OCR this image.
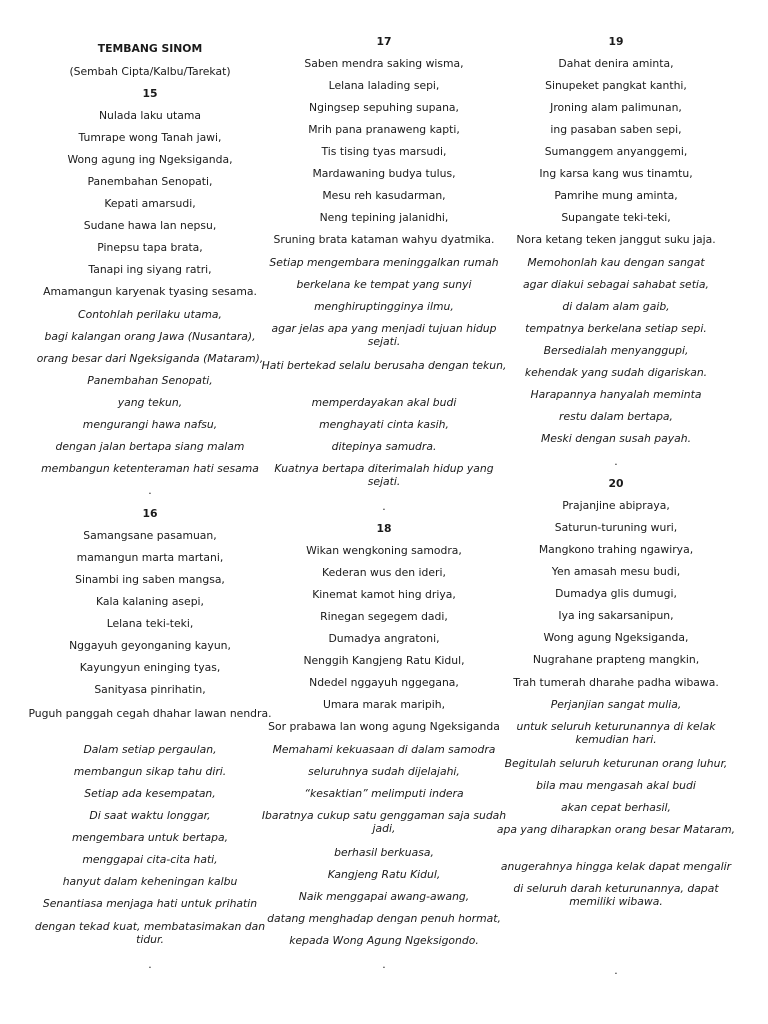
TEMBANG SINOM
(Sembah Cipta/Kalbu/Tarekat)
15
Nulada laku utama
Tumrape wong Tanah jawi,
Wong agung ing Ngeksiganda,
Panembahan Senopati,
Kepati amarsudi,
Sudane hawa lan nepsu,
Pinepsu tapa brata,
Tanapi ing siyang ratri,
Amamangun karyenak tyasing sesama.
Contohlah perilaku utama,
bagi kalangan orang Jawa (Nusantara),
orang besar dari Ngeksiganda (Mataram),
Panembahan Senopati,
yang tekun,
mengurangi hawa nafsu,
dengan jalan bertapa siang malam
membangun ketenteraman hati sesama
.
16
Samangsane pasamuan,
mamangun marta martani,
Sinambi ing saben mangsa,
Kala kalaning asepi,
Lelana teki-teki,
Nggayuh geyonganing kayun,
Kayungyun eninging tyas,
Sanityasa pinrihatin,
Puguh panggah cegah dhahar lawan nendra.
Dalam setiap pergaulan,
membangun sikap tahu diri.
Setiap ada kesempatan,
Di saat waktu longgar,
mengembara untuk bertapa,
menggapai cita-cita hati,
hanyut dalam keheningan kalbu
Senantiasa menjaga hati untuk prihatin
dengan tekad kuat, membatasimakan dan tidur.
.
17
Saben mendra saking wisma,
Lelana lalading sepi,
Ngingsep sepuhing supana,
Mrih pana pranaweng kapti,
Tis tising tyas marsudi,
Mardawaning budya tulus,
Mesu reh kasudarman,
Neng tepining jalanidhi,
Sruning brata kataman wahyu dyatmika.
Setiap mengembara meninggalkan rumah
berkelana ke tempat yang sunyi
menghiruptingginya ilmu,
agar jelas apa yang menjadi tujuan hidup sejati.
Hati bertekad selalu berusaha dengan tekun,
memperdayakan akal budi
menghayati cinta kasih,
ditepinya samudra.
Kuatnya bertapa diterimalah hidup yang sejati.
.
18
Wikan wengkoning samodra,
Kederan wus den ideri,
Kinemat kamot hing driya,
Rinegan segegem dadi,
Dumadya angratoni,
Nenggih Kangjeng Ratu Kidul,
Ndedel nggayuh nggegana,
Umara marak maripih,
Sor prabawa lan wong agung Ngeksiganda
Memahami kekuasaan di dalam samodra
seluruhnya sudah dijelajahi,
“kesaktian” melimputi indera
Ibaratnya cukup satu genggaman saja sudah jadi,
berhasil berkuasa,
Kangjeng Ratu Kidul,
Naik menggapai awang-awang,
datang menghadap dengan penuh hormat,
kepada Wong Agung Ngeksigondo.
.
19
Dahat denira aminta,
Sinupeket pangkat kanthi,
Jroning alam palimunan,
ing pasaban saben sepi,
Sumanggem anyanggemi,
Ing karsa kang wus tinamtu,
Pamrihe mung aminta,
Supangate teki-teki,
Nora ketang teken janggut suku jaja.
Memohonlah kau dengan sangat
agar diakui sebagai sahabat setia,
di dalam alam gaib,
tempatnya berkelana setiap sepi.
Bersedialah menyanggupi,
kehendak yang sudah digariskan.
Harapannya hanyalah meminta
restu dalam bertapa,
Meski dengan susah payah.
.
20
Prajanjine abipraya,
Saturun-turuning wuri,
Mangkono trahing ngawirya,
Yen amasah mesu budi,
Dumadya glis dumugi,
Iya ing sakarsanipun,
Wong agung Ngeksiganda,
Nugrahane prapteng mangkin,
Trah tumerah dharahe padha wibawa.
Perjanjian sangat mulia,
untuk seluruh keturunannya di kelak kemudian hari.
Begitulah seluruh keturunan orang luhur,
bila mau mengasah akal budi
akan cepat berhasil,
apa yang diharapkan orang besar Mataram,
anugerahnya hingga kelak dapat mengalir
di seluruh darah keturunannya, dapat memiliki wibawa.
.
